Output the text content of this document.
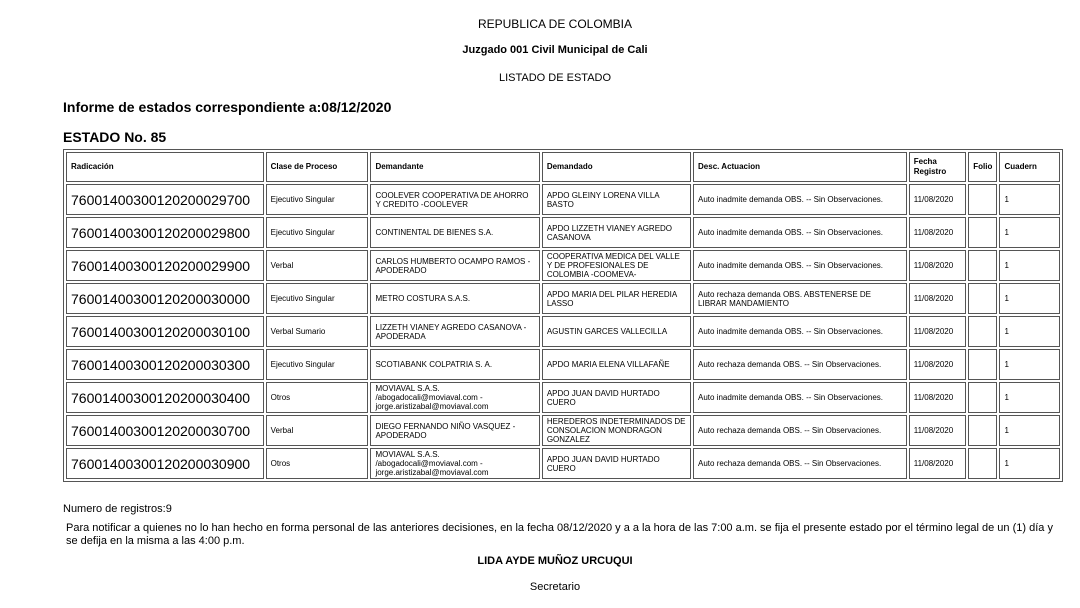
REPUBLICA DE COLOMBIA
Juzgado 001 Civil Municipal de Cali
LISTADO DE ESTADO
Informe de estados correspondiente a:08/12/2020
ESTADO No. 85
Radicación	Clase de Proceso	Demandante	Demandado	Desc. Actuacion	Fecha Registro	Folio	Cuadern
76001400300120200029700	Ejecutivo Singular	COOLEVER COOPERATIVA DE AHORRO Y CREDITO -COOLEVER	APDO GLEINY LORENA VILLA BASTO	Auto inadmite demanda OBS. -- Sin Observaciones.	11/08/2020		1
76001400300120200029800	Ejecutivo Singular	CONTINENTAL DE BIENES S.A.	APDO LIZZETH VIANEY AGREDO CASANOVA	Auto inadmite demanda OBS. -- Sin Observaciones.	11/08/2020		1
76001400300120200029900	Verbal	CARLOS HUMBERTO OCAMPO RAMOS - APODERADO	COOPERATIVA MEDICA DEL VALLE Y DE PROFESIONALES DE COLOMBIA -COOMEVA-	Auto inadmite demanda OBS. -- Sin Observaciones.	11/08/2020		1
76001400300120200030000	Ejecutivo Singular	METRO COSTURA S.A.S.	APDO MARIA DEL PILAR HEREDIA LASSO	Auto rechaza demanda OBS. ABSTENERSE DE LIBRAR MANDAMIENTO	11/08/2020		1
76001400300120200030100	Verbal Sumario	LIZZETH VIANEY AGREDO CASANOVA - APODERADA	AGUSTIN GARCES VALLECILLA	Auto inadmite demanda OBS. -- Sin Observaciones.	11/08/2020		1
76001400300120200030300	Ejecutivo Singular	SCOTIABANK COLPATRIA S. A.	APDO MARIA ELENA VILLAFAÑE	Auto rechaza demanda OBS. -- Sin Observaciones.	11/08/2020		1
76001400300120200030400	Otros	MOVIAVAL S.A.S. /abogadocali@moviaval.com - jorge.aristizabal@moviaval.com	APDO JUAN DAVID HURTADO CUERO	Auto inadmite demanda OBS. -- Sin Observaciones.	11/08/2020		1
76001400300120200030700	Verbal	DIEGO FERNANDO NIÑO VASQUEZ - APODERADO	HEREDEROS INDETERMINADOS DE CONSOLACION MONDRAGON GONZALEZ	Auto rechaza demanda OBS. -- Sin Observaciones.	11/08/2020		1
76001400300120200030900	Otros	MOVIAVAL S.A.S. /abogadocali@moviaval.com - jorge.aristizabal@moviaval.com	APDO JUAN DAVID HURTADO CUERO	Auto rechaza demanda OBS. -- Sin Observaciones.	11/08/2020		1
Numero de registros:9
Para notificar a quienes no lo han hecho en forma personal de las anteriores decisiones, en la fecha 08/12/2020 y a a la hora de las 7:00 a.m. se fija el presente estado por el término legal de un (1) día y se defija en la misma a las 4:00 p.m.
LIDA AYDE MUÑOZ URCUQUI
Secretario
